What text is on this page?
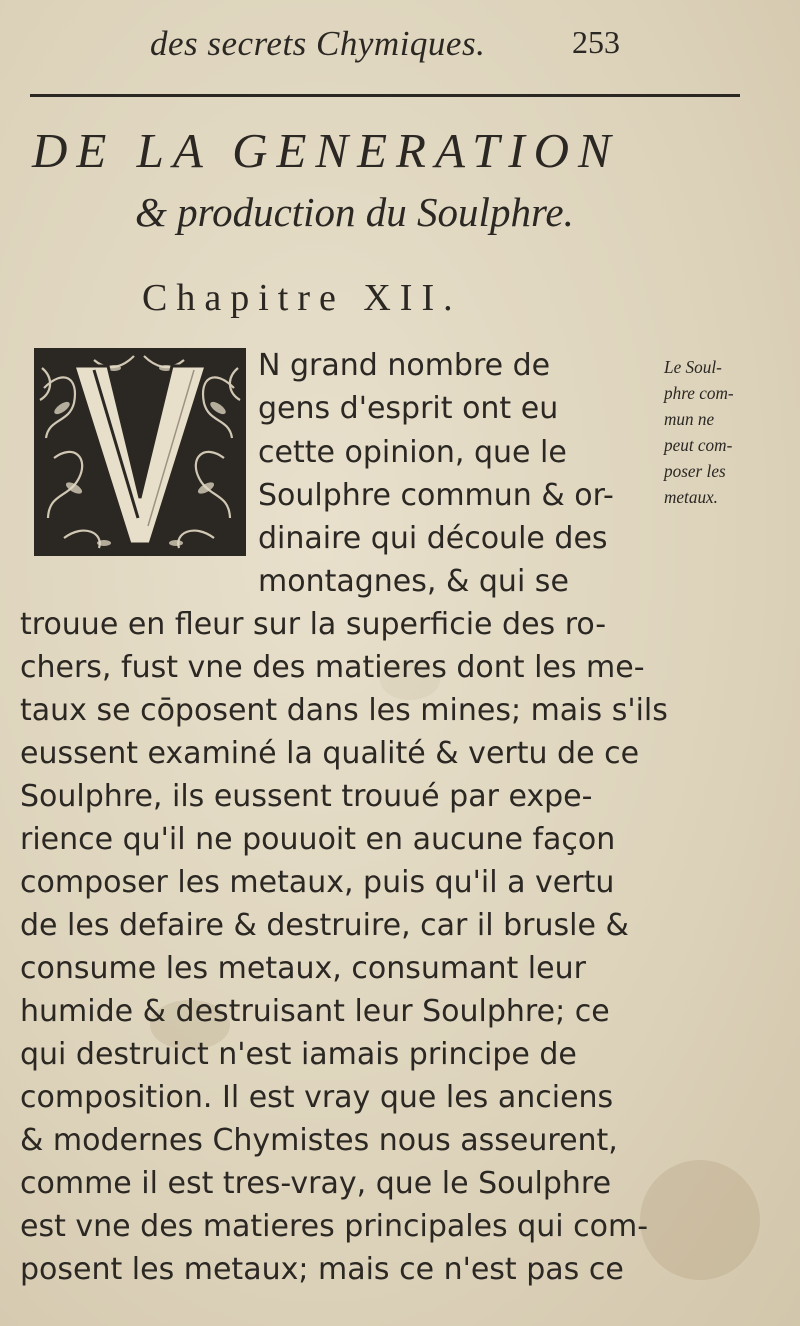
des secrets Chymiques.	253
DE LA GENERATION
& production du Soulphre.
Chapitre XII.
N grand nombre de
gens d'esprit ont eu
cette opinion, que le
Soulphre commun & or-
dinaire qui découle des
montagnes, & qui se
trouue en fleur sur la superficie des ro-
chers, fust vne des matieres dont les me-
taux se cōposent dans les mines; mais s'ils
eussent examiné la qualité & vertu de ce
Soulphre, ils eussent trouué par expe-
rience qu'il ne pouuoit en aucune façon
composer les metaux, puis qu'il a vertu
de les defaire & destruire, car il brusle &
consume les metaux, consumant leur
humide & destruisant leur Soulphre; ce
qui destruict n'est iamais principe de
composition. Il est vray que les anciens
& modernes Chymistes nous asseurent,
comme il est tres-vray, que le Soulphre
est vne des matieres principales qui com-
posent les metaux; mais ce n'est pas ce
Le Soul-
phre com-
mun ne
peut com-
poser les
metaux.
